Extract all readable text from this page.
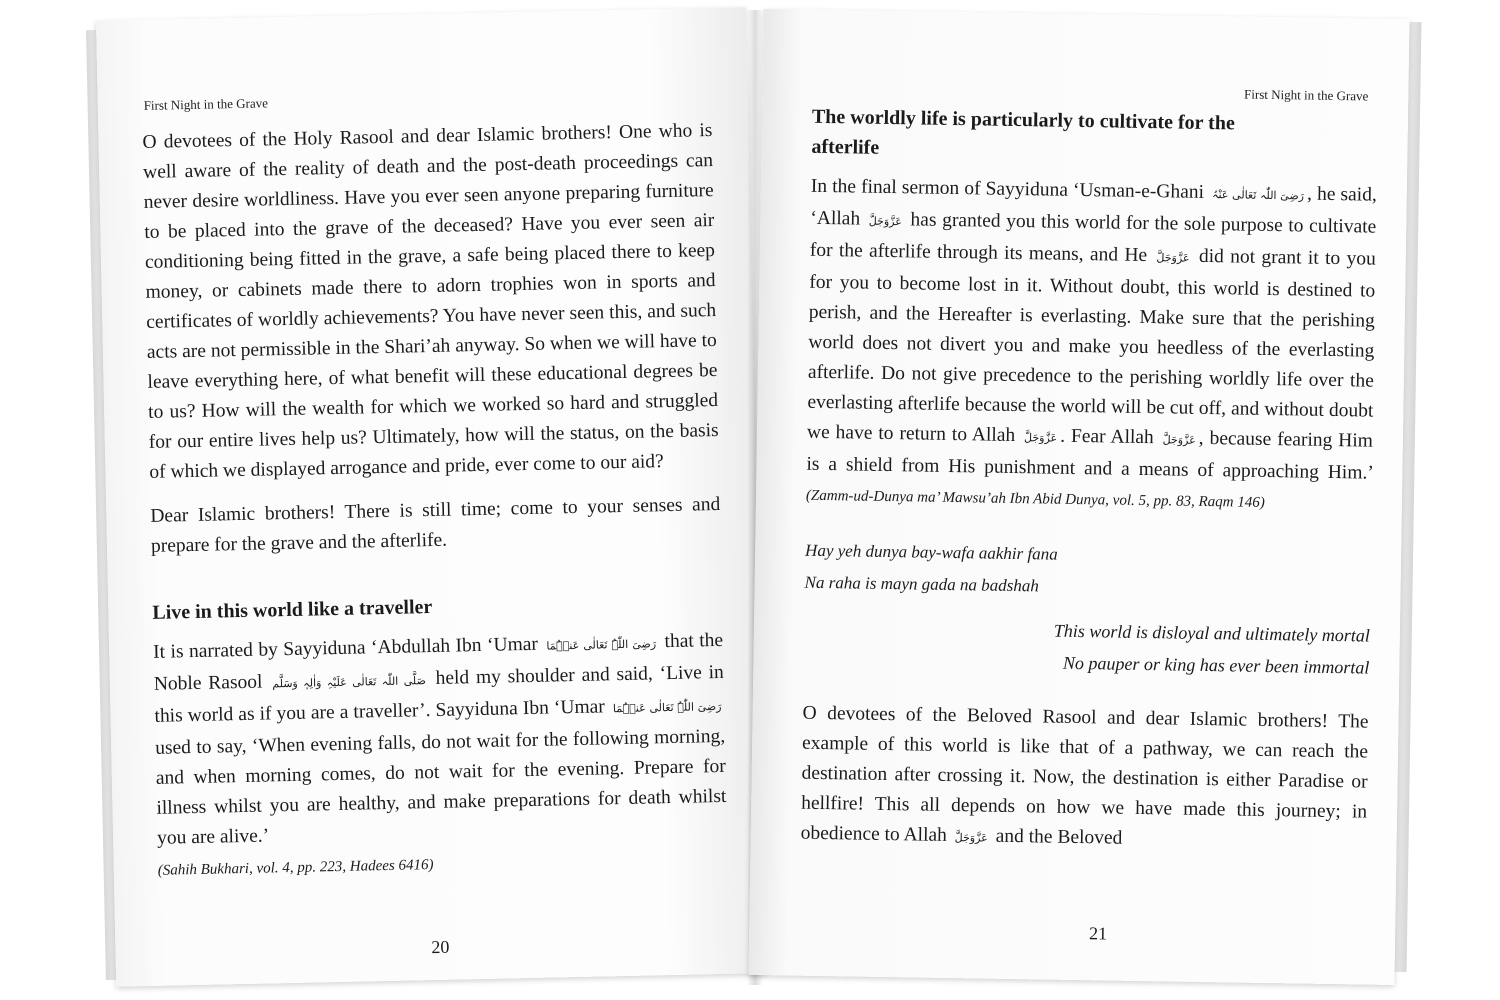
First Night in the Grave

O devotees of the Holy Rasool and dear Islamic brothers! One who is well aware of the reality of death and the post-death proceedings can never desire worldliness. Have you ever seen anyone preparing furniture to be placed into the grave of the deceased? Have you ever seen air conditioning being fitted in the grave, a safe being placed there to keep money, or cabinets made there to adorn trophies won in sports and certificates of worldly achievements? You have never seen this, and such acts are not permissible in the Shari’ah anyway. So when we will have to leave everything here, of what benefit will these educational degrees be to us? How will the wealth for which we worked so hard and struggled for our entire lives help us? Ultimately, how will the status, on the basis of which we displayed arrogance and pride, ever come to our aid?

Dear Islamic brothers! There is still time; come to your senses and prepare for the grave and the afterlife.

Live in this world like a traveller

It is narrated by Sayyiduna ‘Abdullah Ibn ‘Umar رَضِیَ اللّٰہُ تَعَالٰی عَنۡہُمَا that the Noble Rasool صَلَّی اللّٰہ تَعَالٰی عَلَیْہِ وَاٰلِہٖ وَسَلَّم held my shoulder and said, ‘Live in this world as if you are a traveller’. Sayyiduna Ibn ‘Umar رَضِیَ اللّٰہُ تَعَالٰی عَنۡہُمَا used to say, ‘When evening falls, do not wait for the following morning, and when morning comes, do not wait for the evening. Prepare for illness whilst you are healthy, and make preparations for death whilst you are alive.’

(Sahih Bukhari, vol. 4, pp. 223, Hadees 6416)
20
First Night in the Grave
The worldly life is particularly to cultivate for the afterlife

In the final sermon of Sayyiduna ‘Usman-e-Ghani رَضِیَ اللّٰہ تَعَالٰی عَنْہُ , he said, ‘Allah عَزَّوَجَلَّ has granted you this world for the sole purpose to cultivate for the afterlife through its means, and He عَزَّوَجَلَّ did not grant it to you for you to become lost in it. Without doubt, this world is destined to perish, and the Hereafter is everlasting. Make sure that the perishing world does not divert you and make you heedless of the everlasting afterlife. Do not give precedence to the perishing worldly life over the everlasting afterlife because the world will be cut off, and without doubt we have to return to Allah عَزَّوَجَلَّ . Fear Allah عَزَّوَجَلَّ , because fearing Him is a shield from His punishment and a means of approaching Him.’ (Zamm-ud-Dunya ma’ Mawsu’ah Ibn Abid Dunya, vol. 5, pp. 83, Raqm 146)

Hay yeh dunya bay-wafa aakhir fana
Na raha is mayn gada na badshah
This world is disloyal and ultimately mortal
No pauper or king has ever been immortal

O devotees of the Beloved Rasool and dear Islamic brothers! The example of this world is like that of a pathway, we can reach the destination after crossing it. Now, the destination is either Paradise or hellfire! This all depends on how we have made this journey; in obedience to Allah عَزَّوَجَلَّ and the Beloved

21
